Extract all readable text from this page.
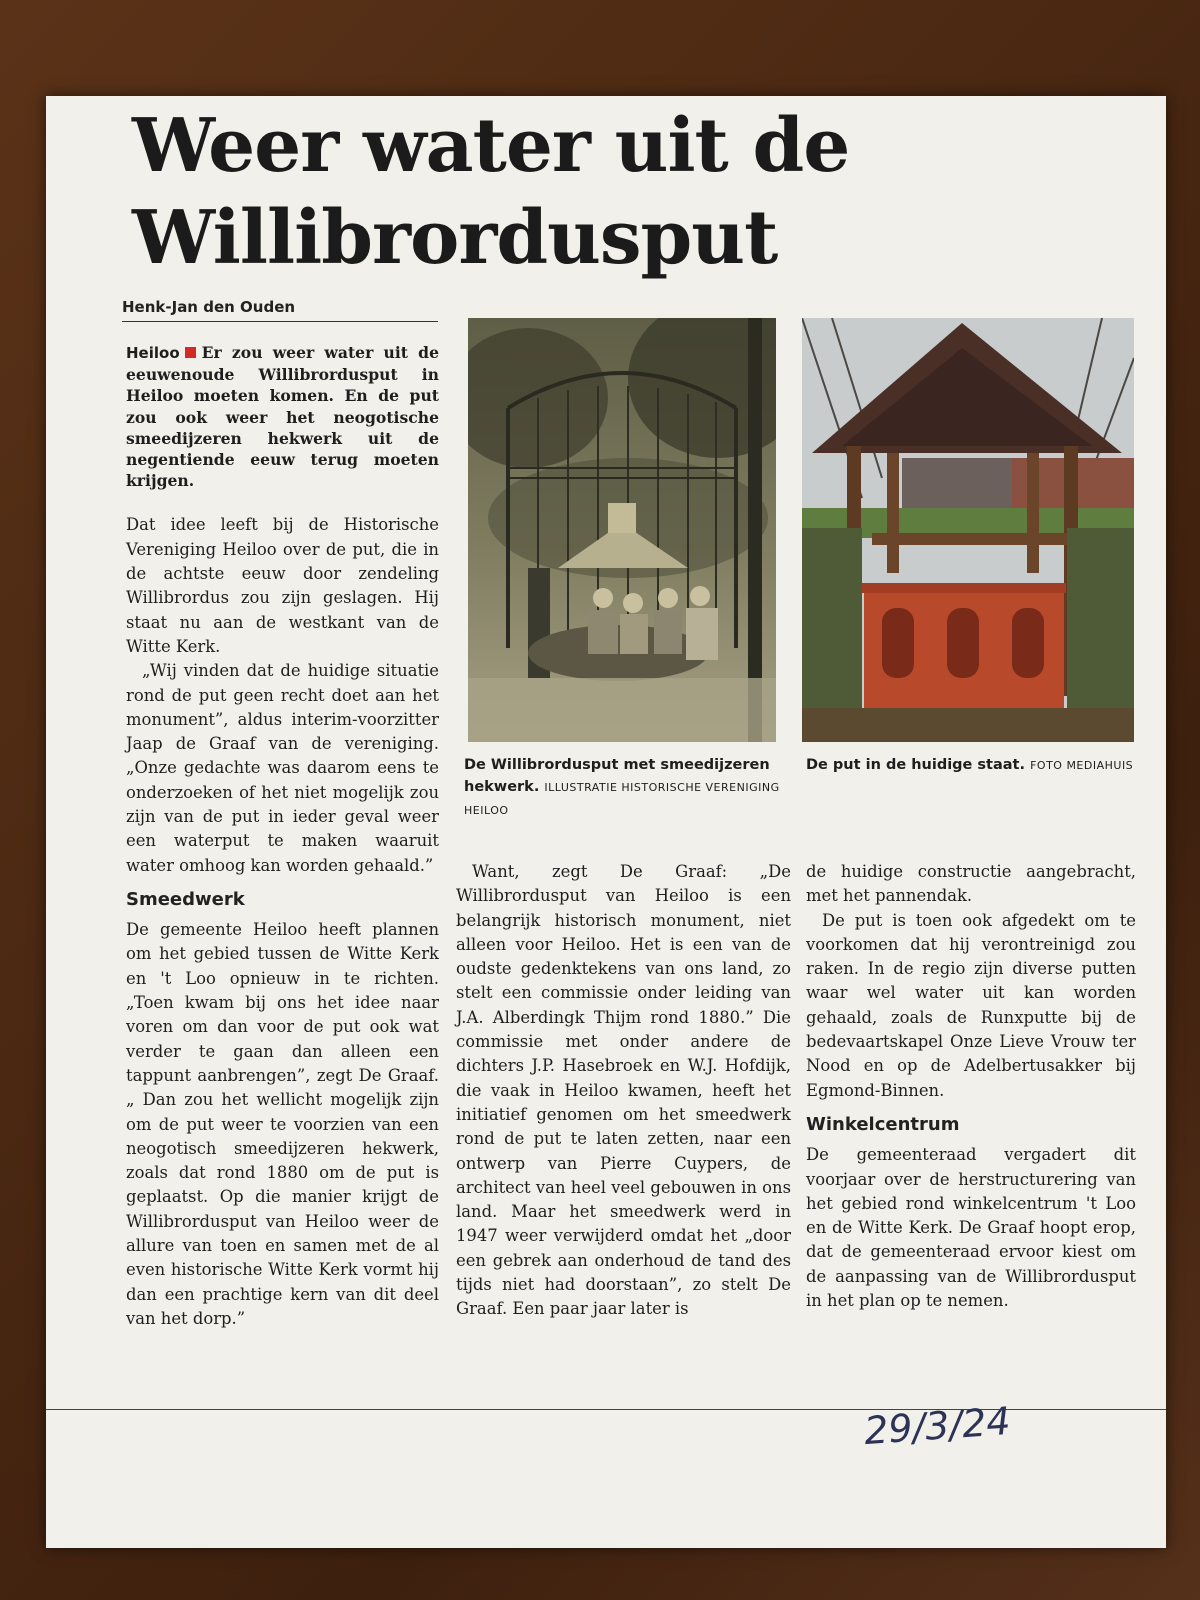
Weer water uit de
Willibrordusput
Henk-Jan den Ouden

Heiloo Er zou weer water uit de eeuwenoude Willibrordusput in Heiloo moeten komen. En de put zou ook weer het neogotische smeedijzeren hekwerk uit de negentiende eeuw terug moeten krijgen.

Dat idee leeft bij de Historische Vereniging Heiloo over de put, die in de achtste eeuw door zendeling Willibrordus zou zijn geslagen. Hij staat nu aan de westkant van de Witte Kerk.

„Wij vinden dat de huidige situatie rond de put geen recht doet aan het monument”, aldus interim-voorzitter Jaap de Graaf van de vereniging. „Onze gedachte was daarom eens te onderzoeken of het niet mogelijk zou zijn van de put in ieder geval weer een waterput te maken waaruit water omhoog kan worden gehaald.”

Smeedwerk

De gemeente Heiloo heeft plannen om het gebied tussen de Witte Kerk en 't Loo opnieuw in te richten. „Toen kwam bij ons het idee naar voren om dan voor de put ook wat verder te gaan dan alleen een tappunt aanbrengen”, zegt De Graaf. „ Dan zou het wellicht mogelijk zijn om de put weer te voorzien van een neogotisch smeedijzeren hekwerk, zoals dat rond 1880 om de put is geplaatst. Op die manier krijgt de Willibrordusput van Heiloo weer de allure van toen en samen met de al even historische Witte Kerk vormt hij dan een prachtige kern van dit deel van het dorp.”

De Willibrordusput met smeedijzeren hekwerk. ILLUSTRATIE HISTORISCHE VERENIGING HEILOO
De put in de huidige staat. FOTO MEDIAHUIS

Want, zegt De Graaf: „De Willibrordusput van Heiloo is een belangrijk historisch monument, niet alleen voor Heiloo. Het is een van de oudste gedenktekens van ons land, zo stelt een commissie onder leiding van J.A. Alberdingk Thijm rond 1880.” Die commissie met onder andere de dichters J.P. Hasebroek en W.J. Hofdijk, die vaak in Heiloo kwamen, heeft het initiatief genomen om het smeedwerk rond de put te laten zetten, naar een ontwerp van Pierre Cuypers, de architect van heel veel gebouwen in ons land. Maar het smeedwerk werd in 1947 weer verwijderd omdat het „door een gebrek aan onderhoud de tand des tijds niet had doorstaan”, zo stelt De Graaf. Een paar jaar later is

de huidige constructie aangebracht, met het pannendak.

De put is toen ook afgedekt om te voorkomen dat hij verontreinigd zou raken. In de regio zijn diverse putten waar wel water uit kan worden gehaald, zoals de Runxputte bij de bedevaartskapel Onze Lieve Vrouw ter Nood en op de Adelbertusakker bij Egmond-Binnen.

Winkelcentrum

De gemeenteraad vergadert dit voorjaar over de herstructurering van het gebied rond winkelcentrum 't Loo en de Witte Kerk. De Graaf hoopt erop, dat de gemeenteraad ervoor kiest om de aanpassing van de Willibrordusput in het plan op te nemen.

29/3/24
